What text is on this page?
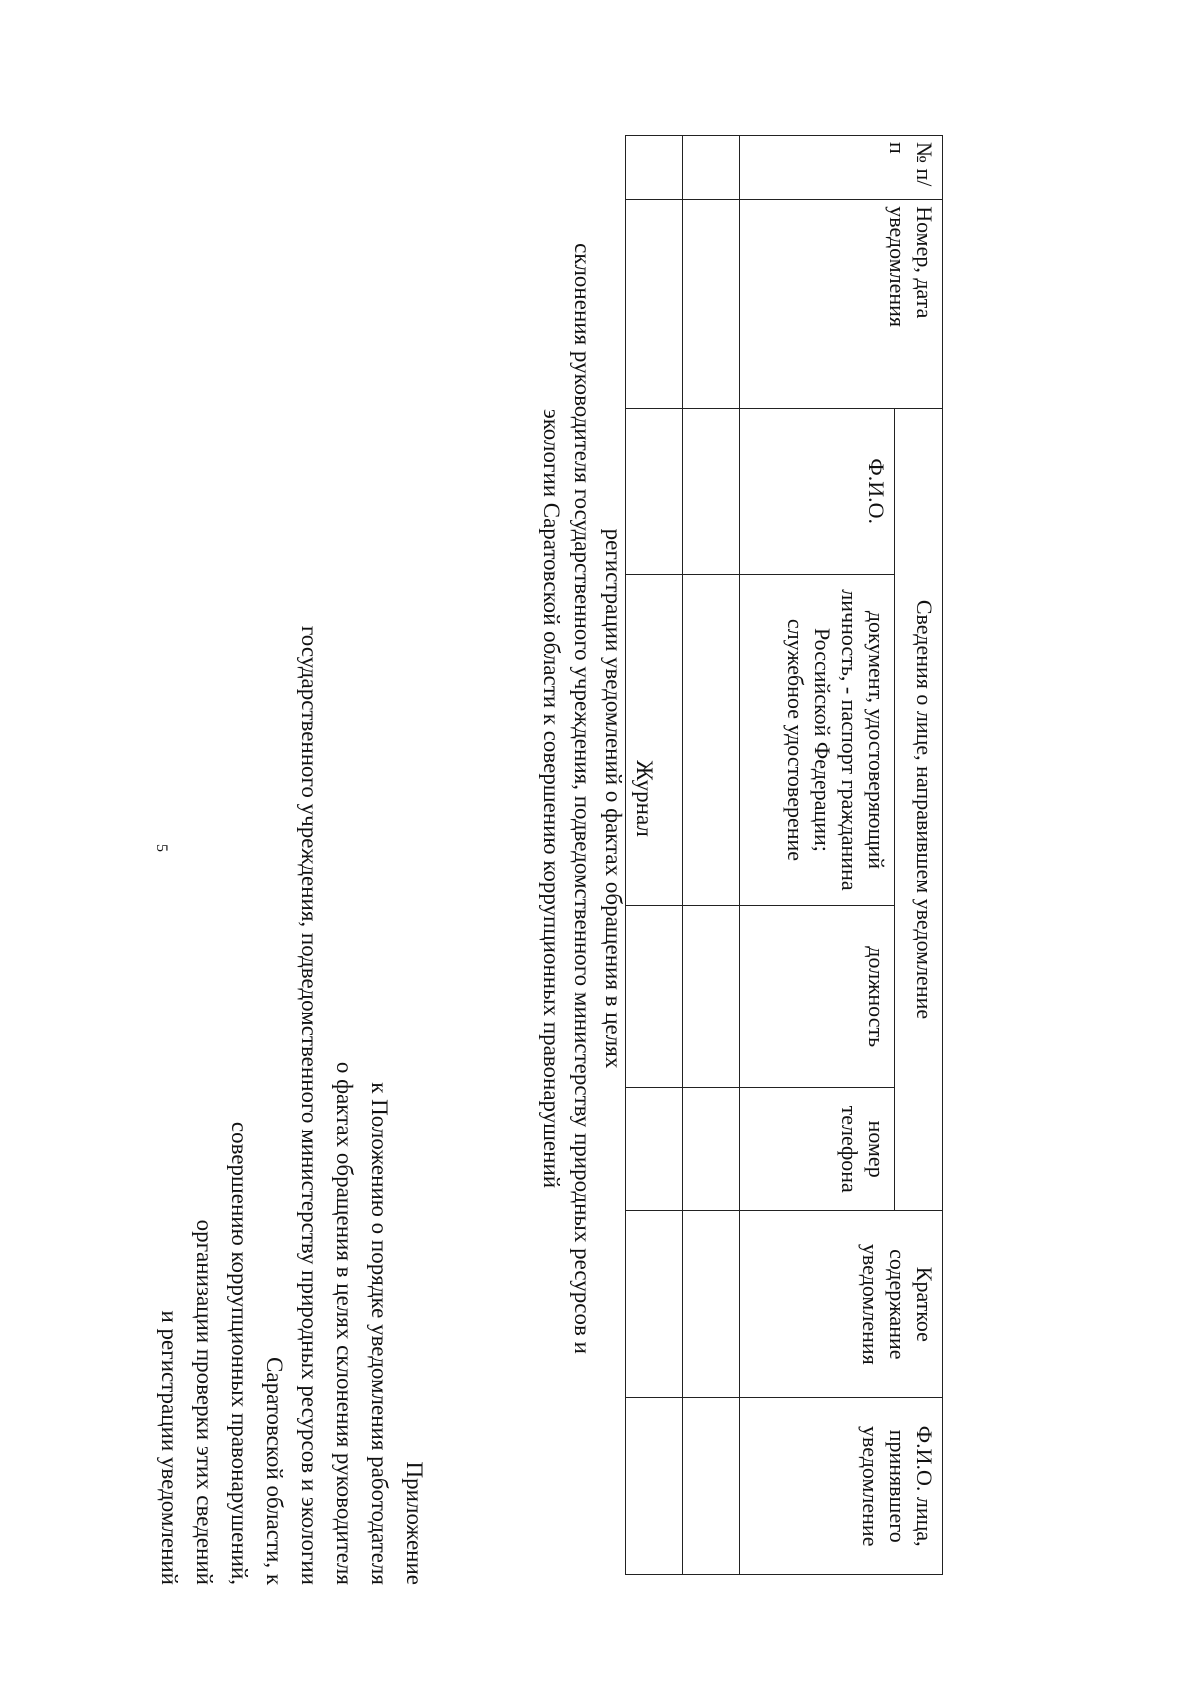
5
Приложение
к Положению о порядке уведомления работодателя
о фактах обращения в целях склонения руководителя
государственного учреждения, подведомственного министерству природных ресурсов и экологии
Саратовской области, к
совершению коррупционных правонарушений,
организации проверки этих сведений
и регистрации уведомлений
Журнал
регистрации уведомлений о фактах обращения в целях
склонения руководителя государственного учреждения, подведомственного министерству природных ресурсов и
экологии Саратовской области к совершению коррупционных правонарушений
№ п/п	Номер, дата уведомления	Сведения о лице, направившем уведомление				Краткое содержание уведомления	Ф.И.О. лица, принявшего уведомление
		Ф.И.О.	документ, удостоверяющий личность, - паспорт гражданина Российской Федерации; служебное удостоверение	должность	номер телефона		
